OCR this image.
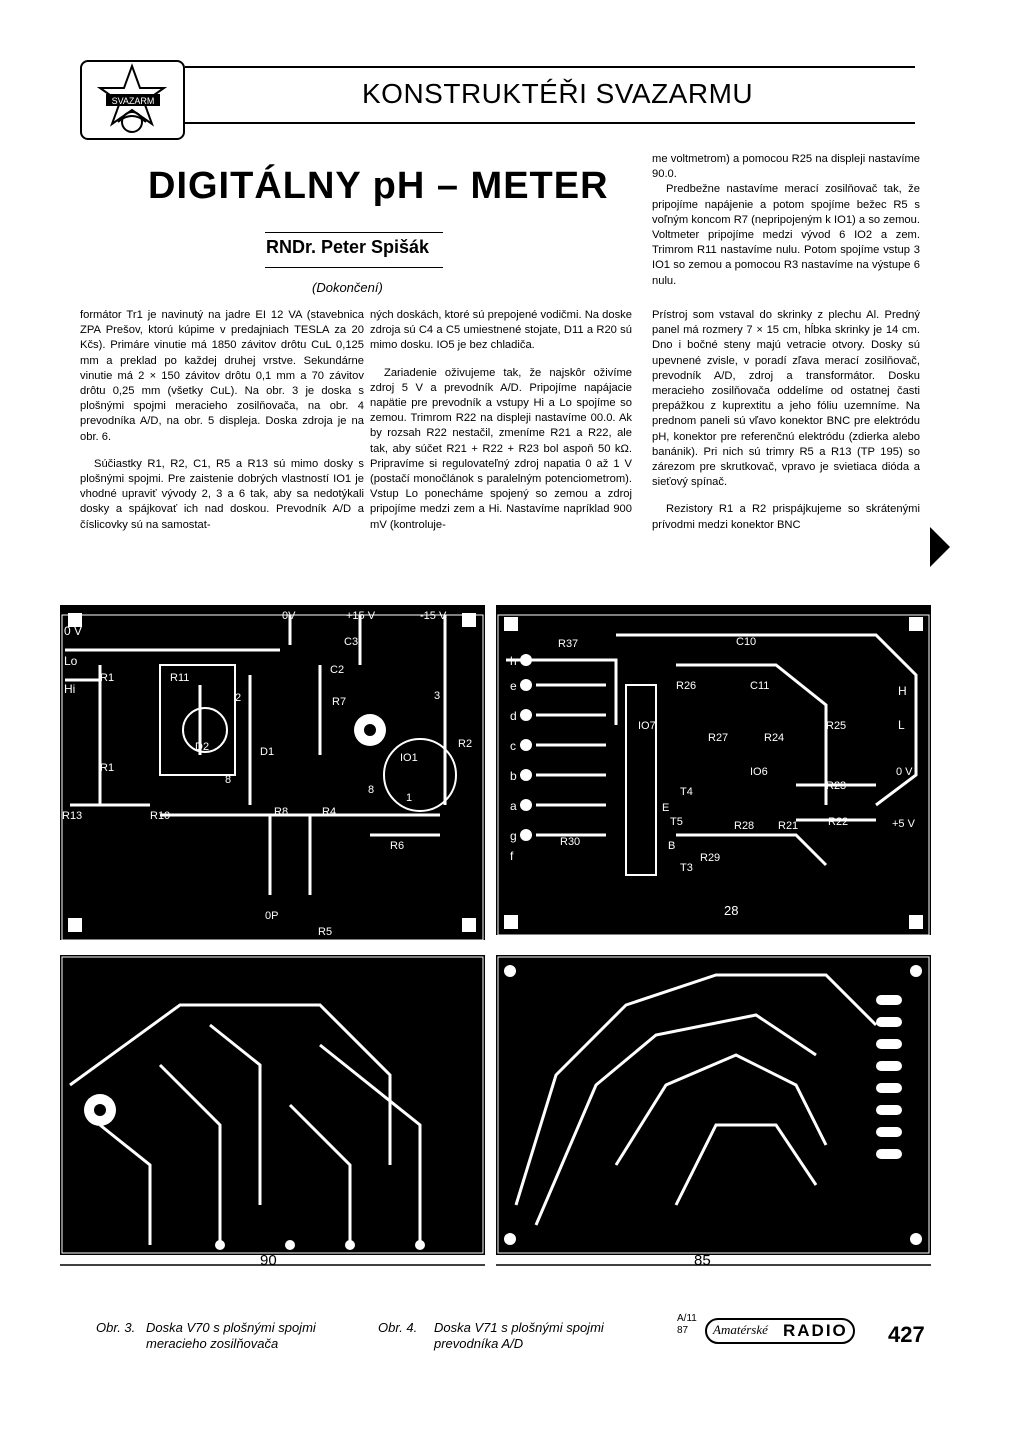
SVAZARM	KONSTRUKTÉŘI SVAZARMU
DIGITÁLNY pH – METER
RNDr. Peter Spišák
(Dokončení)

me voltmetrom) a pomocou R25 na displeji nastavíme 90.0.

Predbežne nastavíme merací zosilňovač tak, že pripojíme napájenie a potom spojíme bežec R5 s voľným koncom R7 (nepripojeným k IO1) a so zemou. Voltmeter pripojíme medzi vývod 6 IO2 a zem. Trimrom R11 nastavíme nulu. Potom spojíme vstup 3 IO1 so zemou a pomocou R3 nastavíme na výstupe 6 nulu.

formátor Tr1 je navinutý na jadre EI 12 VA (stavebnica ZPA Prešov, ktorú kúpime v predajniach TESLA za 20 Kčs). Primáre vinutie má 1850 závitov drôtu CuL 0,125 mm a preklad po každej druhej vrstve. Sekundárne vinutie má 2 × 150 závitov drôtu 0,1 mm a 70 závitov drôtu 0,25 mm (všetky CuL). Na obr. 3 je doska s plošnými spojmi meracieho zosilňovača, na obr. 4 prevodníka A/D, na obr. 5 displeja. Doska zdroja je na obr. 6.

Súčiastky R1, R2, C1, R5 a R13 sú mimo dosky s plošnými spojmi. Pre zaistenie dobrých vlastností IO1 je vhodné upraviť vývody 2, 3 a 6 tak, aby sa nedotýkali dosky a spájkovať ich nad doskou. Prevodník A/D a číslicovky sú na samostat-

ných doskách, ktoré sú prepojené vodičmi. Na doske zdroja sú C4 a C5 umiestnené stojate, D11 a R20 sú mimo dosku. IO5 je bez chladiča.

Zariadenie oživujeme tak, že najskôr oživíme zdroj 5 V a prevodník A/D. Pripojíme napájacie napätie pre prevodník a vstupy Hi a Lo spojíme so zemou. Trimrom R22 na displeji nastavíme 00.0. Ak by rozsah R22 nestačil, zmeníme R21 a R22, ale tak, aby súčet R21 + R22 + R23 bol aspoň 50 kΩ. Pripravíme si regulovateľný zdroj napatia 0 až 1 V (postačí monočlánok s paralelným potenciometrom). Vstup Lo ponecháme spojený so zemou a zdroj pripojíme medzi zem a Hi. Nastavíme napríklad 900 mV (kontroluje-

Prístroj som vstaval do skrinky z plechu Al. Predný panel má rozmery 7 × 15 cm, hĺbka skrinky je 14 cm. Dno i bočné steny majú vetracie otvory. Dosky sú upevnené zvisle, v poradí zľava merací zosilňovač, prevodník A/D, zdroj a transformátor. Dosku meracieho zosilňovača oddelíme od ostatnej časti prepážkou z kuprextitu a jeho fóliu uzemníme. Na prednom paneli sú vľavo konektor BNC pre elektródu pH, konektor pre referenčnú elektródu (zdierka alebo banánik). Pri nich sú trimry R5 a R13 (TP 195) so zárezom pre skrutkovač, vpravo je svietiaca dióda a sieťový spínač.

Rezistory R1 a R2 prispájkujeme so skrátenými prívodmi medzi konektor BNC

0 V
Lo
Hi
R1
R1
R13	R10
R11
D1
D2
2
8
R8	R4
C2
C3
R7
+15 V	-15 V
0V
IO1
3
R2
8
1
R6
0P
R5
90
R37	C10
h
e
d
c
b
a
g
f
R26	C11
R25
IO7
R27	R24
IO6
T4
T5
R23
R28 R21	R22
R30
T3
R29
H
L
0 V
+5 V
E
B
28
85
Obr. 3. Doska V70 s plošnými spojmi meracieho zosilňovača
Obr. 4. Doska V71 s plošnými spojmi prevodníka A/D
A/11
87	Amatérské RADIO 427
